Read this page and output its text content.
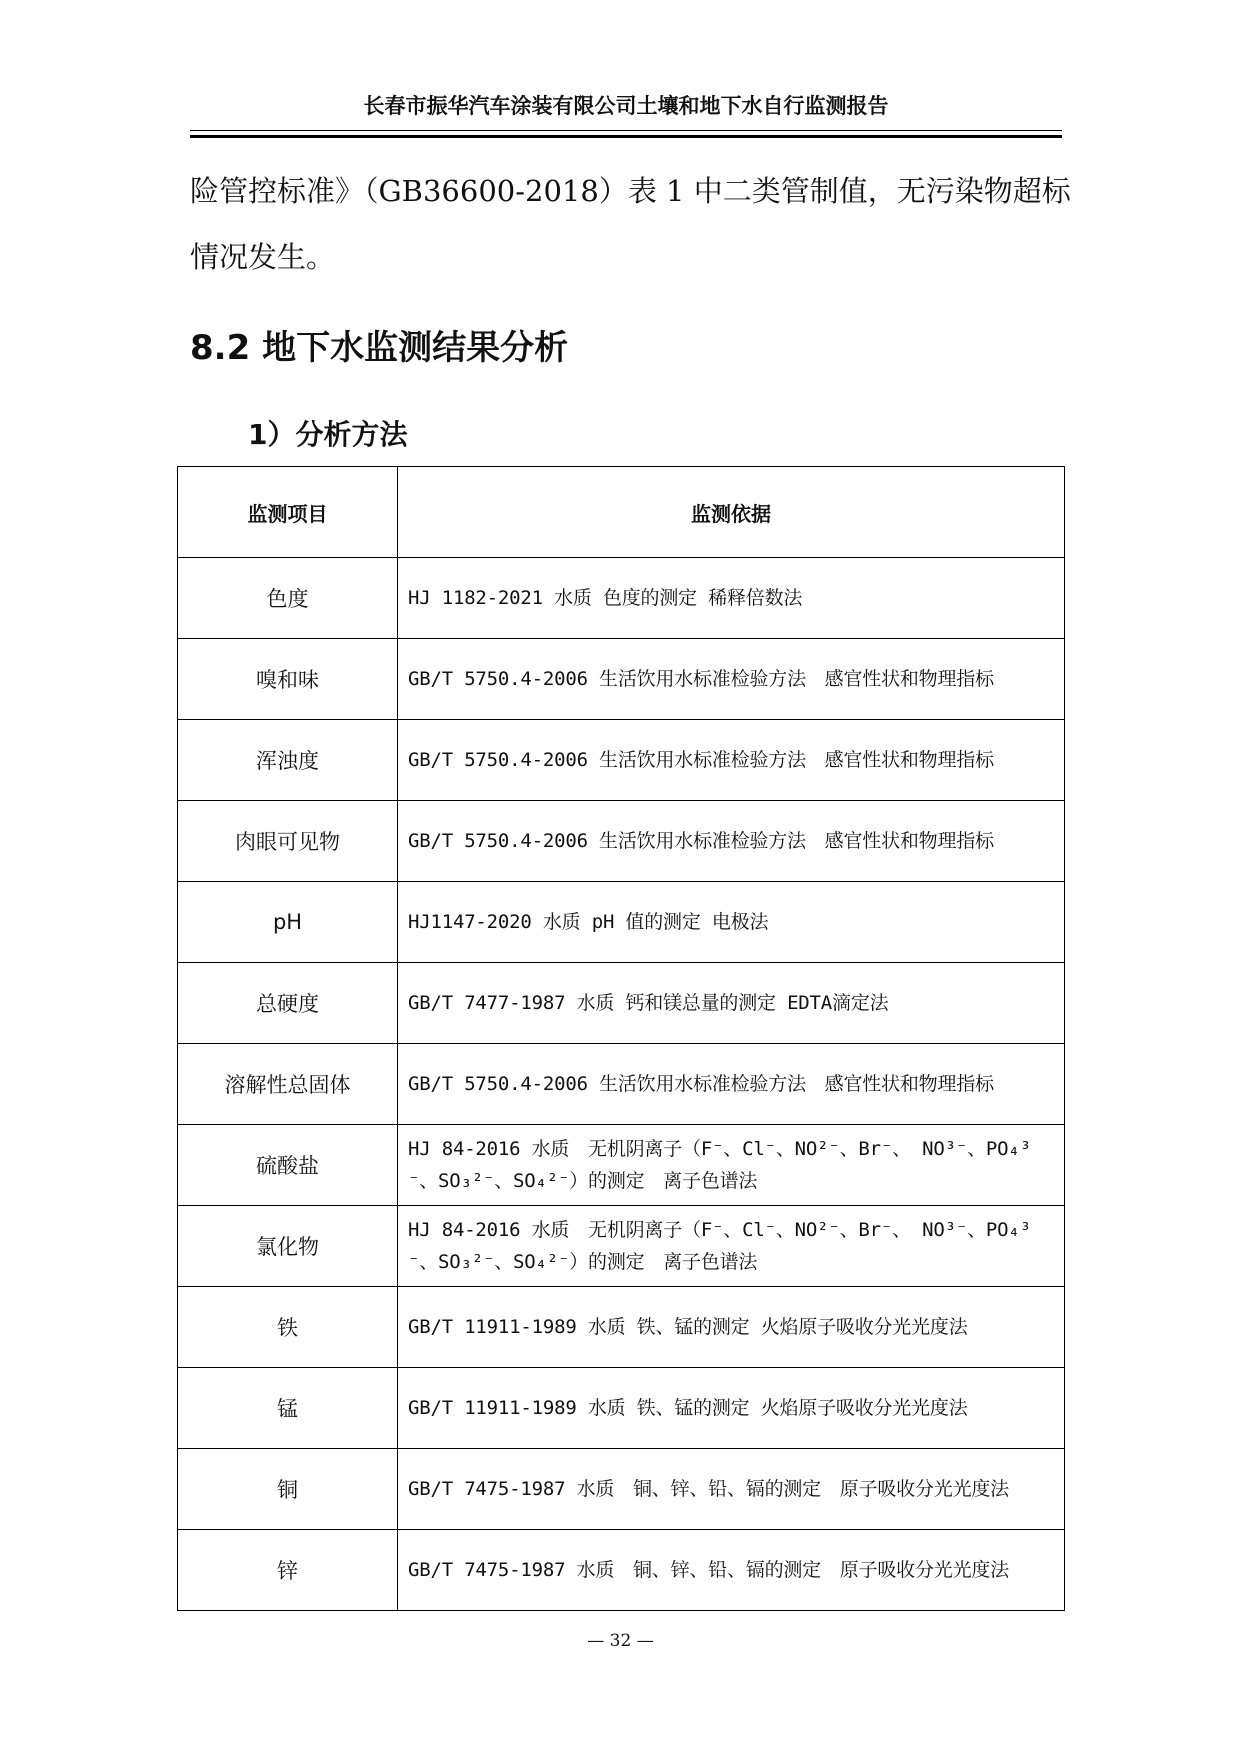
长春市振华汽车涂装有限公司土壤和地下水自行监测报告
险管控标准》（GB36600-2018）表 1 中二类管制值，无污染物超标
情况发生。
8.2 地下水监测结果分析
1）分析方法
监测项目	监测依据
色度	HJ 1182-2021 水质 色度的测定 稀释倍数法
嗅和味	GB/T 5750.4-2006 生活饮用水标准检验方法　感官性状和物理指标
浑浊度	GB/T 5750.4-2006 生活饮用水标准检验方法　感官性状和物理指标
肉眼可见物	GB/T 5750.4-2006 生活饮用水标准检验方法　感官性状和物理指标
pH	HJ1147-2020 水质 pH 值的测定 电极法
总硬度	GB/T 7477-1987 水质 钙和镁总量的测定 EDTA滴定法
溶解性总固体	GB/T 5750.4-2006 生活饮用水标准检验方法　感官性状和物理指标
硫酸盐	HJ 84-2016 水质　无机阴离子（F⁻、Cl⁻、NO²⁻、Br⁻、 NO³⁻、PO₄³⁻、SO₃²⁻、SO₄²⁻）的测定　离子色谱法
氯化物	HJ 84-2016 水质　无机阴离子（F⁻、Cl⁻、NO²⁻、Br⁻、 NO³⁻、PO₄³⁻、SO₃²⁻、SO₄²⁻）的测定　离子色谱法
铁	GB/T 11911-1989 水质 铁、锰的测定 火焰原子吸收分光光度法
锰	GB/T 11911-1989 水质 铁、锰的测定 火焰原子吸收分光光度法
铜	GB/T 7475-1987 水质　铜、锌、铅、镉的测定　原子吸收分光光度法
锌	GB/T 7475-1987 水质　铜、锌、铅、镉的测定　原子吸收分光光度法
— 32 —
